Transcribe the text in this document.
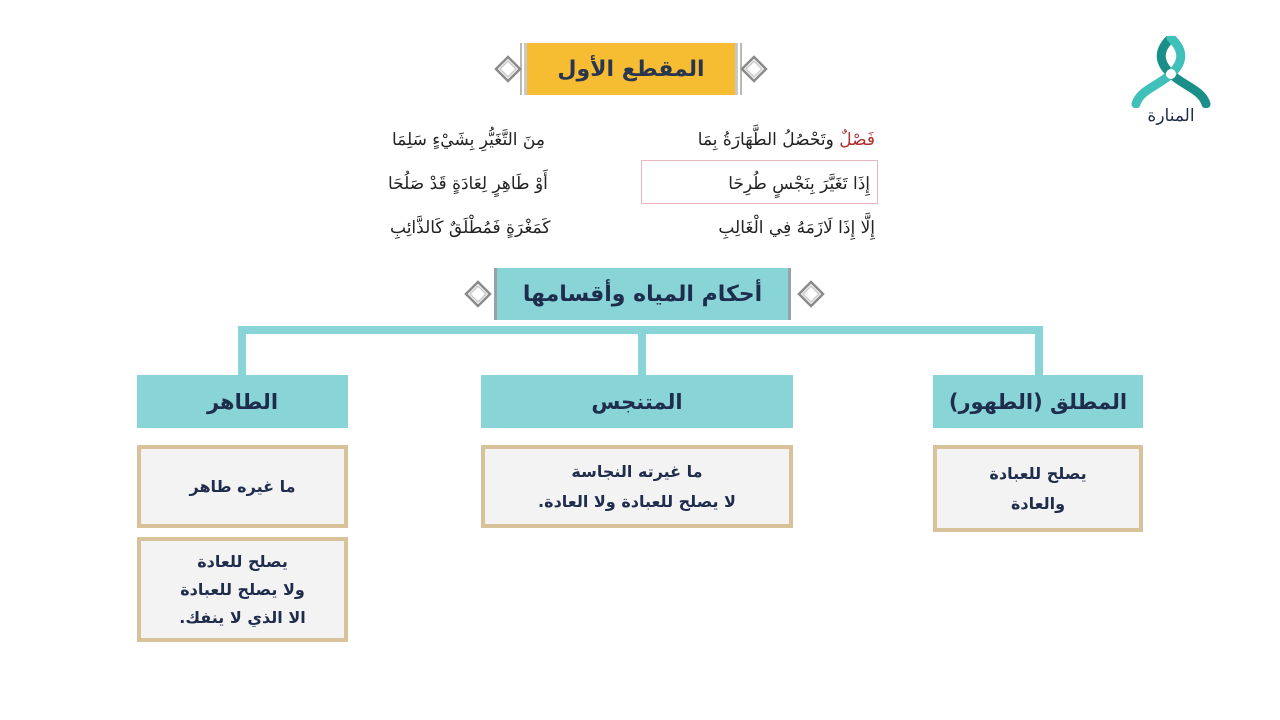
المقطع الأول
فَصْلٌ وتَحْصُلُ الطَّهَارَةُ بِمَا
مِنَ التَّغَيُّرِ بِشَيْءٍ سَلِمَا
إِذَا تَغَيَّرَ بِنَجْسٍ طُرِحَا
أَوْ طَاهِرٍ لِعَادَةٍ قَدْ صَلُحَا
إِلَّا إِذَا لَازَمَهُ فِي الْغَالِبِ
كَمَغْرَةٍ فَمُطْلَقٌ كَالذَّائِبِ
أحكام المياه وأقسامها
المطلق (الطهور)
يصلح للعبادة
والعادة
المتنجس
ما غيرته النجاسة
لا يصلح للعبادة ولا العادة.
الطاهر
ما غيره طاهر
يصلح للعادة
ولا يصلح للعبادة
الا الذي لا ينفك.
المنارة
